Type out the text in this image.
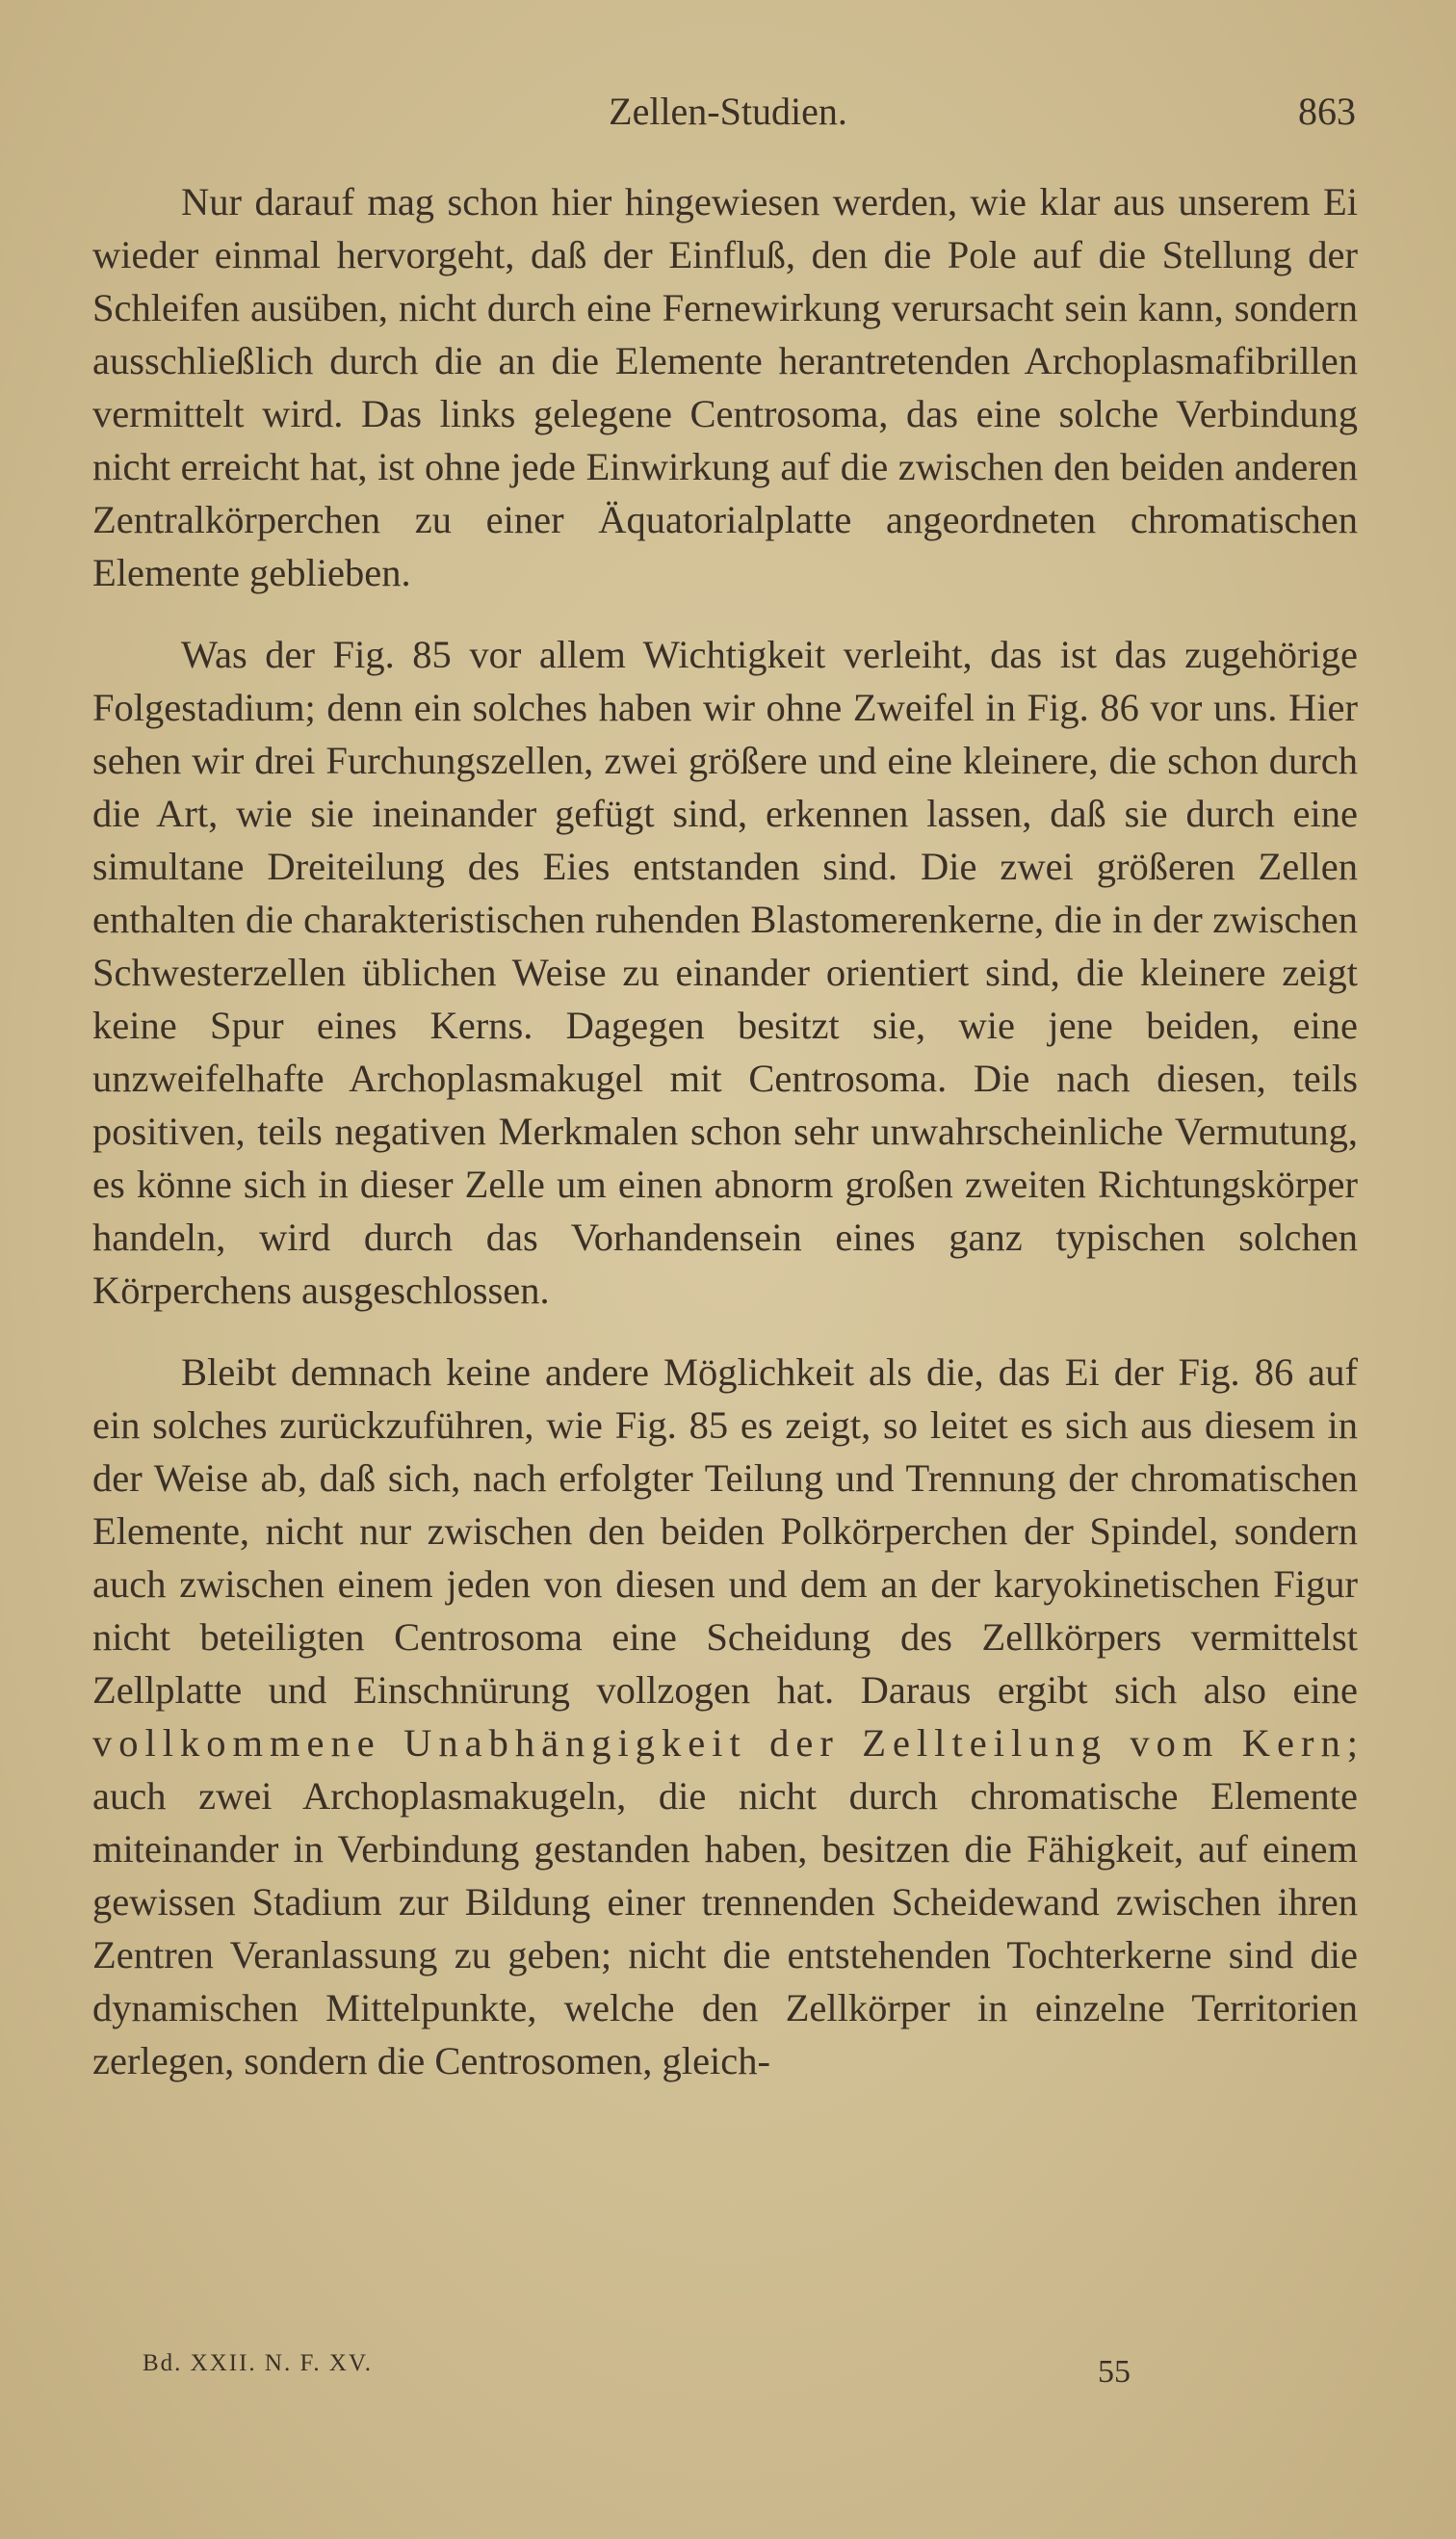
Zellen-Studien.	863

Nur darauf mag schon hier hingewiesen werden, wie klar aus unserem Ei wieder einmal hervorgeht, daß der Einfluß, den die Pole auf die Stellung der Schleifen ausüben, nicht durch eine Fernewirkung verursacht sein kann, sondern ausschließlich durch die an die Elemente herantretenden Archoplasmafibrillen vermittelt wird. Das links gelegene Centrosoma, das eine solche Verbindung nicht erreicht hat, ist ohne jede Einwirkung auf die zwischen den beiden anderen Zentralkörperchen zu einer Äquatorialplatte angeordneten chromatischen Elemente geblieben.

Was der Fig. 85 vor allem Wichtigkeit verleiht, das ist das zugehörige Folgestadium; denn ein solches haben wir ohne Zweifel in Fig. 86 vor uns. Hier sehen wir drei Furchungszellen, zwei größere und eine kleinere, die schon durch die Art, wie sie ineinander gefügt sind, erkennen lassen, daß sie durch eine simultane Dreiteilung des Eies entstanden sind. Die zwei größeren Zellen enthalten die charakteristischen ruhenden Blastomerenkerne, die in der zwischen Schwesterzellen üblichen Weise zu einander orientiert sind, die kleinere zeigt keine Spur eines Kerns. Dagegen besitzt sie, wie jene beiden, eine unzweifelhafte Archoplasmakugel mit Centrosoma. Die nach diesen, teils positiven, teils negativen Merkmalen schon sehr unwahrscheinliche Vermutung, es könne sich in dieser Zelle um einen abnorm großen zweiten Richtungskörper handeln, wird durch das Vorhandensein eines ganz typischen solchen Körperchens ausgeschlossen.

Bleibt demnach keine andere Möglichkeit als die, das Ei der Fig. 86 auf ein solches zurückzuführen, wie Fig. 85 es zeigt, so leitet es sich aus diesem in der Weise ab, daß sich, nach erfolgter Teilung und Trennung der chromatischen Elemente, nicht nur zwischen den beiden Polkörperchen der Spindel, sondern auch zwischen einem jeden von diesen und dem an der karyokinetischen Figur nicht beteiligten Centrosoma eine Scheidung des Zellkörpers vermittelst Zellplatte und Einschnürung vollzogen hat. Daraus ergibt sich also eine vollkommene Unabhängigkeit der Zellteilung vom Kern; auch zwei Archoplasmakugeln, die nicht durch chromatische Elemente miteinander in Verbindung gestanden haben, besitzen die Fähigkeit, auf einem gewissen Stadium zur Bildung einer trennenden Scheidewand zwischen ihren Zentren Veranlassung zu geben; nicht die entstehenden Tochterkerne sind die dynamischen Mittelpunkte, welche den Zellkörper in einzelne Territorien zerlegen, sondern die Centrosomen, gleich-

Bd. XXII. N. F. XV.	55
